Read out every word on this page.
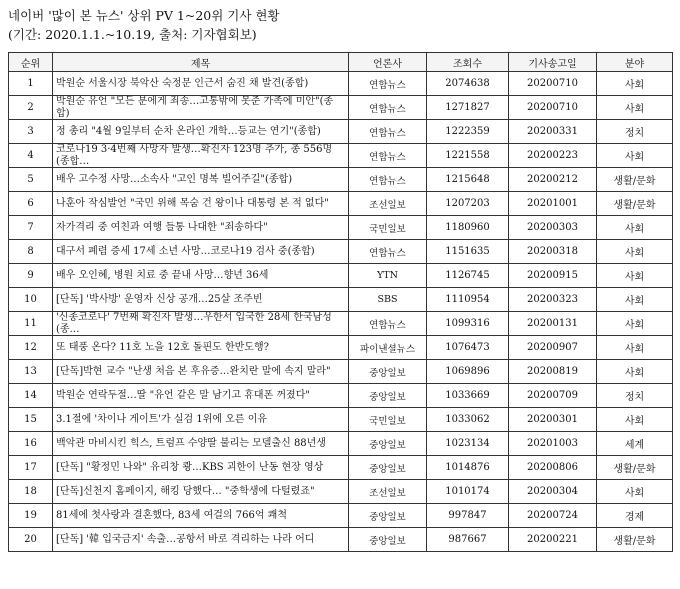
네이버 '많이 본 뉴스' 상위 PV 1~20위 기사 현황
(기간: 2020.1.1.~10.19, 출처: 기자협회보)
순위	제목	언론사	조회수	기사송고일	분야
1	박원순 서울시장 북악산 숙정문 인근서 숨진 채 발견(종합)	연합뉴스	2074638	20200710	사회
2	박원순 유언 "모든 분에게 죄송…고통밖에 못준 가족에 미안"(종합)	연합뉴스	1271827	20200710	사회
3	정 총리 "4월 9일부터 순차 온라인 개학…등교는 연기"(종합)	연합뉴스	1222359	20200331	정치
4	코로나19 3·4번째 사망자 발생…확진자 123명 추가, 총 556명(종합…	연합뉴스	1221558	20200223	사회
5	배우 고수정 사망…소속사 "고인 명복 빌어주길"(종합)	연합뉴스	1215648	20200212	생활/문화
6	나훈아 작심발언 "국민 위해 목숨 건 왕이나 대통령 본 적 없다"	조선일보	1207203	20201001	생활/문화
7	자가격리 중 여친과 여행 들통 나대한 "죄송하다"	국민일보	1180960	20200303	사회
8	대구서 폐렴 증세 17세 소년 사망…코로나19 검사 중(종합)	연합뉴스	1151635	20200318	사회
9	배우 오인혜, 병원 치료 중 끝내 사망…향년 36세	YTN	1126745	20200915	사회
10	[단독] '박사방' 운영자 신상 공개…25살 조주빈	SBS	1110954	20200323	사회
11	'신종코로나' 7번째 확진자 발생…우한서 입국한 28세 한국남성(종…	연합뉴스	1099316	20200131	사회
12	또 태풍 온다? 11호 노을 12호 돌핀도 한반도행?	파이낸셜뉴스	1076473	20200907	사회
13	[단독]박현 교수 "난생 처음 본 후유증…완치란 말에 속지 말라"	중앙일보	1069896	20200819	사회
14	박원순 연락두절…딸 "유언 같은 말 남기고 휴대폰 꺼졌다"	중앙일보	1033669	20200709	정치
15	3.1절에 '차이나 게이트'가 실검 1위에 오른 이유	국민일보	1033062	20200301	사회
16	백악관 마비시킨 힉스, 트럼프 수양딸 불리는 모델출신 88년생	중앙일보	1023134	20201003	세계
17	[단독] "황정민 나와" 유리창 쾅…KBS 괴한이 난동 현장 영상	중앙일보	1014876	20200806	생활/문화
18	[단독]신천지 홈페이지, 해킹 당했다… "중학생에 다털렸죠"	조선일보	1010174	20200304	사회
19	81세에 첫사랑과 결혼했다, 83세 여걸의 766억 쾌척	중앙일보	997847	20200724	경제
20	[단독] '韓 입국금지' 속출…공항서 바로 격리하는 나라 어디	중앙일보	987667	20200221	생활/문화
